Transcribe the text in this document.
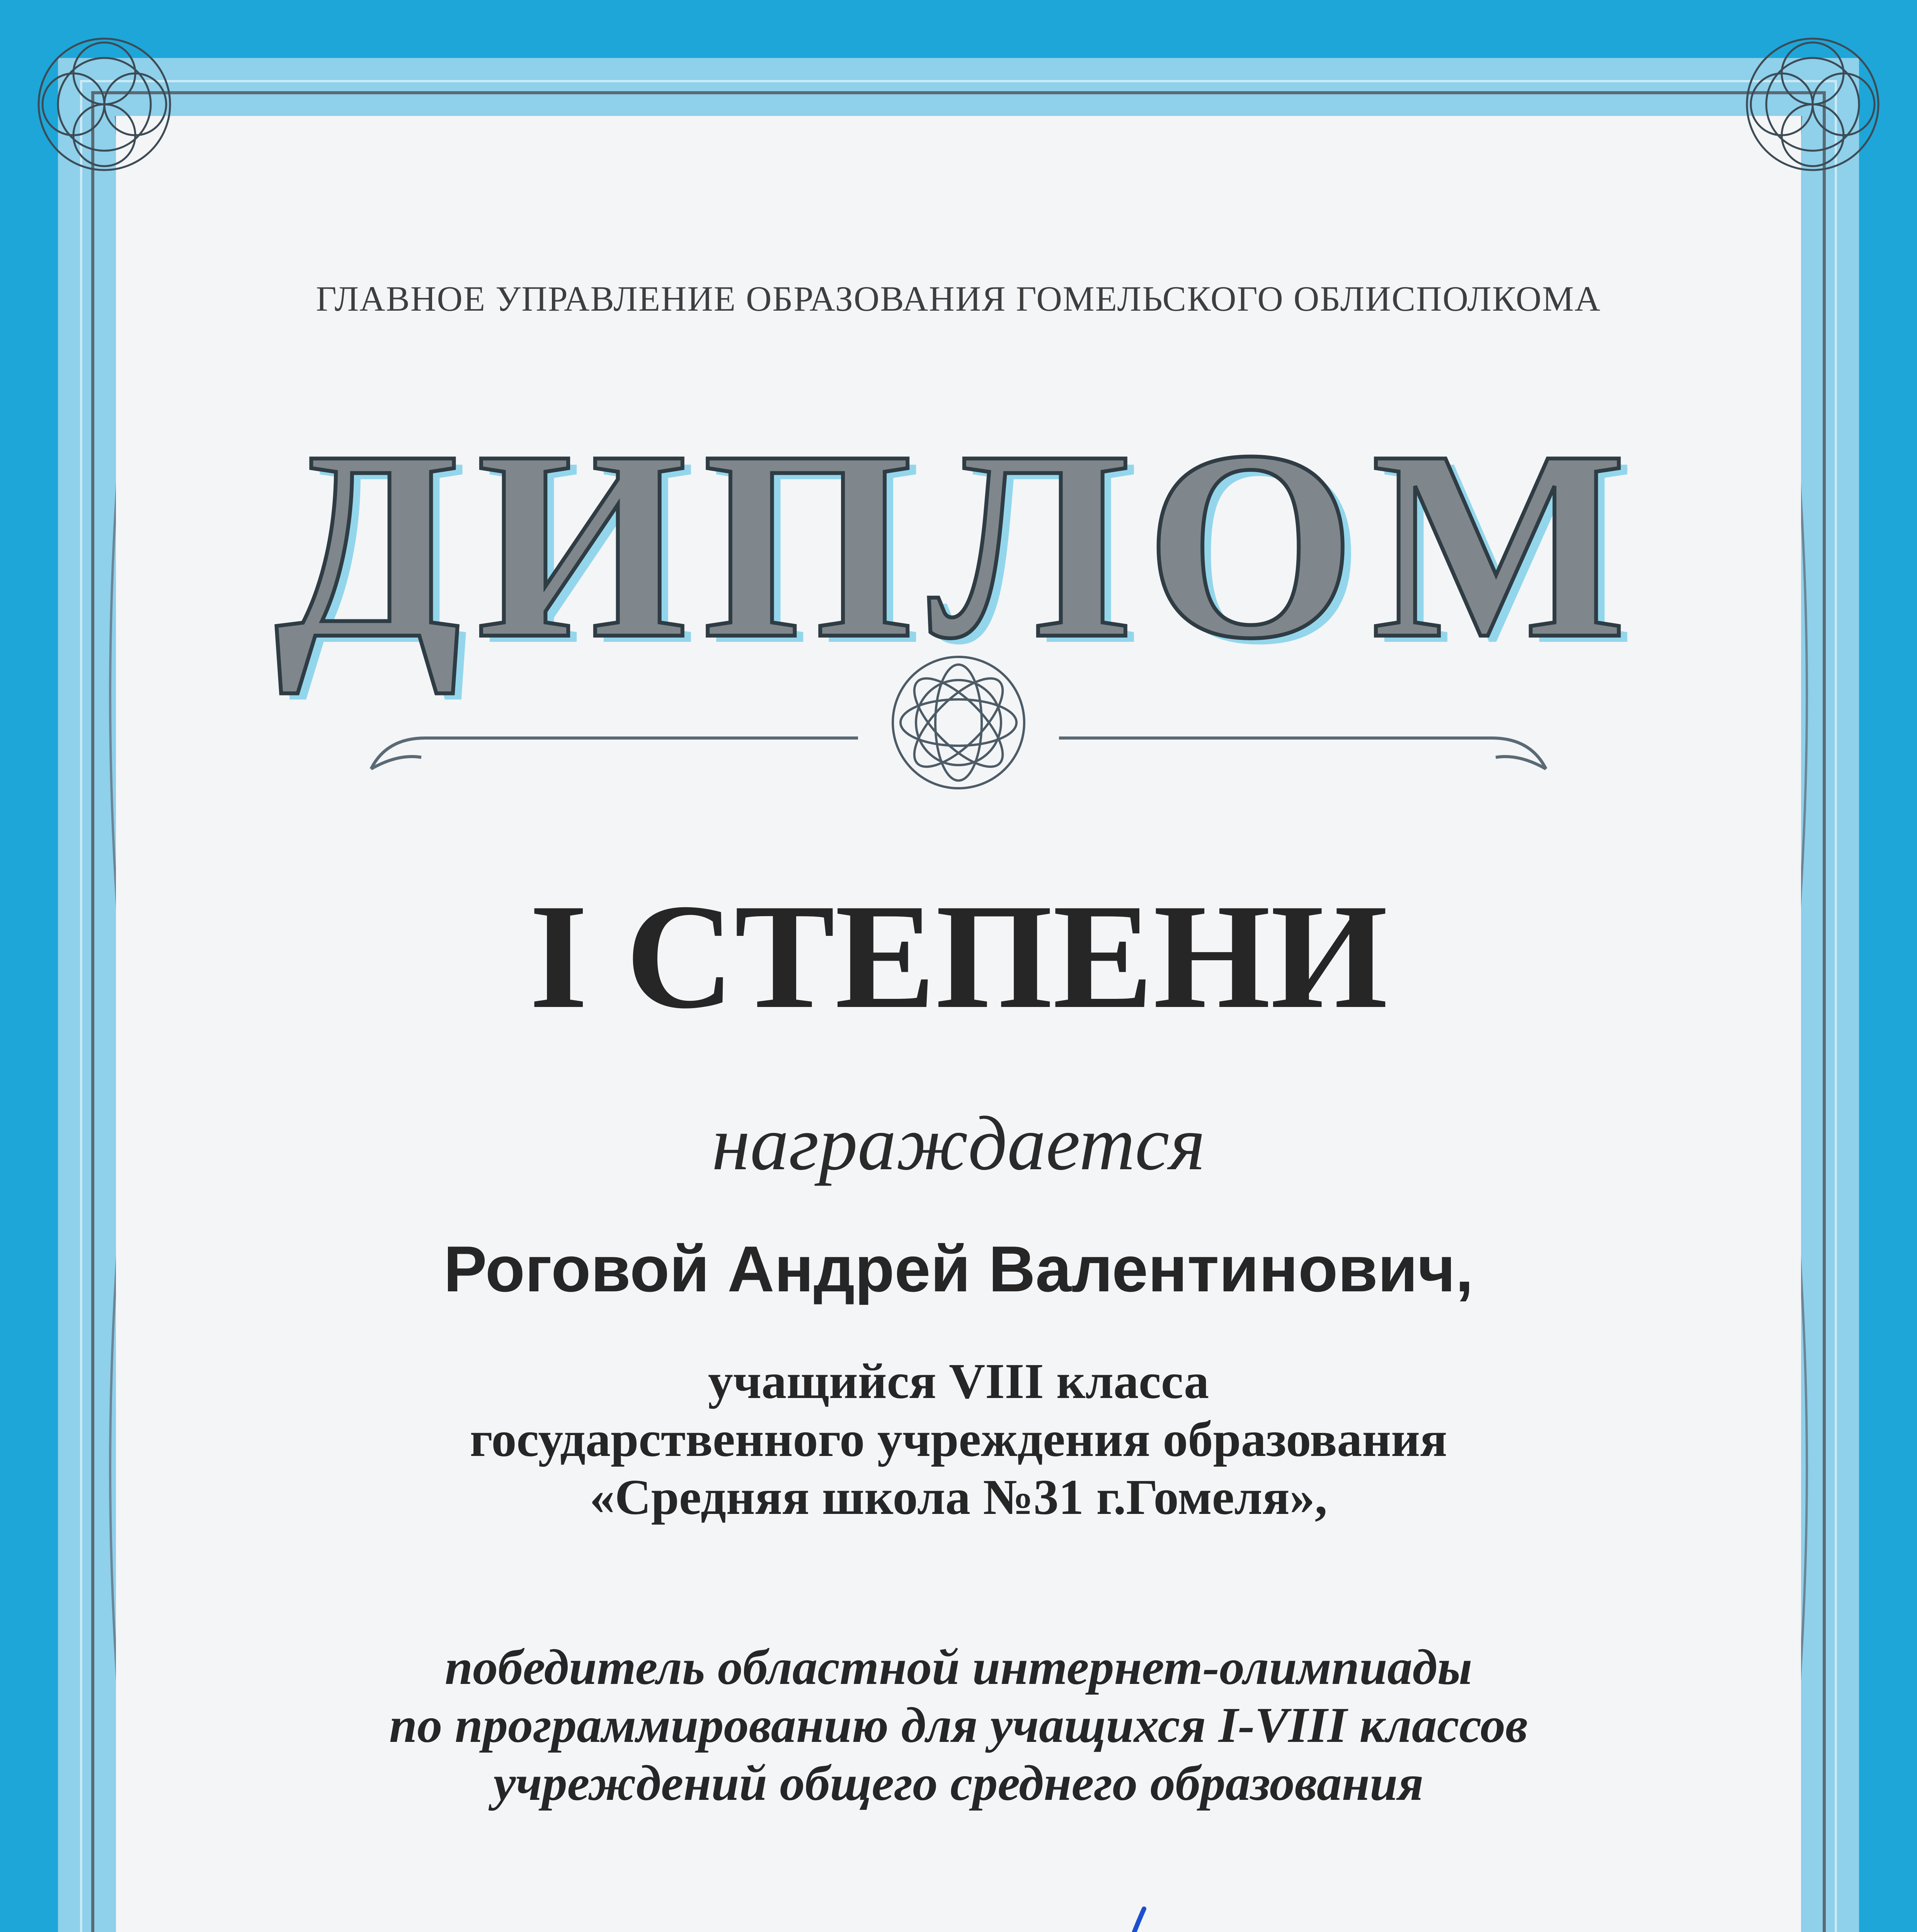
ГЛАВНОЕ УПРАВЛЕНИЕ ОБРАЗОВАНИЯ ГОМЕЛЬСКОГО ОБЛИСПОЛКОМА
ДИПЛОМ
I СТЕПЕНИ
награждается
Роговой Андрей Валентинович,
учащийся VIII класса
государственного учреждения образования
«Средняя школа №31 г.Гомеля»,
победитель областной интернет-олимпиады
по программированию для учащихся I-VIII классов
учреждений общего среднего образования
